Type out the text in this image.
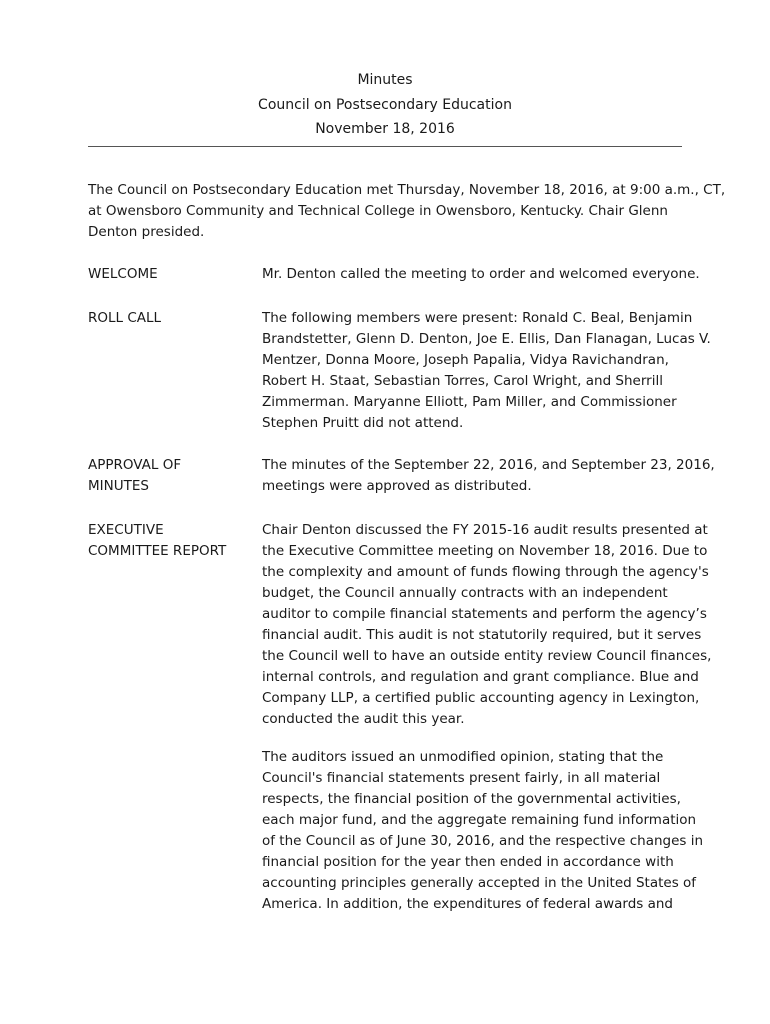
Minutes
Council on Postsecondary Education
November 18, 2016
The Council on Postsecondary Education met Thursday, November 18, 2016, at 9:00 a.m., CT,
at Owensboro Community and Technical College in Owensboro, Kentucky. Chair Glenn
Denton presided.
WELCOME	Mr. Denton called the meeting to order and welcomed everyone.
ROLL CALL	The following members were present: Ronald C. Beal, Benjamin
Brandstetter, Glenn D. Denton, Joe E. Ellis, Dan Flanagan, Lucas V.
Mentzer, Donna Moore, Joseph Papalia, Vidya Ravichandran,
Robert H. Staat, Sebastian Torres, Carol Wright, and Sherrill
Zimmerman. Maryanne Elliott, Pam Miller, and Commissioner
Stephen Pruitt did not attend.
APPROVAL OF
MINUTES
The minutes of the September 22, 2016, and September 23, 2016,
meetings were approved as distributed.
EXECUTIVE
COMMITTEE REPORT
Chair Denton discussed the FY 2015-16 audit results presented at
the Executive Committee meeting on November 18, 2016. Due to
the complexity and amount of funds flowing through the agency's
budget, the Council annually contracts with an independent
auditor to compile financial statements and perform the agency’s
financial audit. This audit is not statutorily required, but it serves
the Council well to have an outside entity review Council finances,
internal controls, and regulation and grant compliance. Blue and
Company LLP, a certified public accounting agency in Lexington,
conducted the audit this year.
The auditors issued an unmodified opinion, stating that the
Council's financial statements present fairly, in all material
respects, the financial position of the governmental activities,
each major fund, and the aggregate remaining fund information
of the Council as of June 30, 2016, and the respective changes in
financial position for the year then ended in accordance with
accounting principles generally accepted in the United States of
America. In addition, the expenditures of federal awards and
